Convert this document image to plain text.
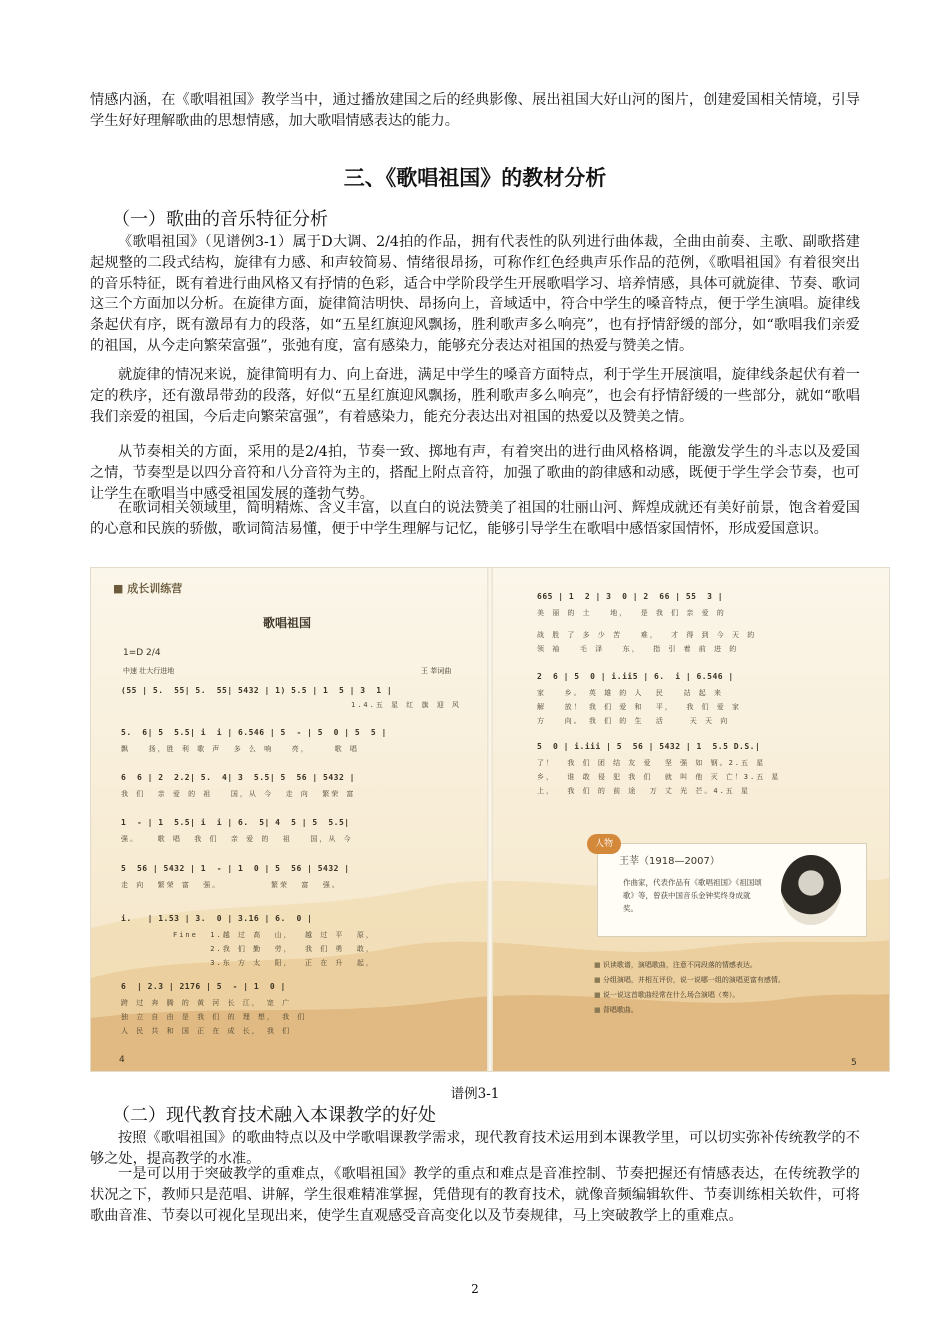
情感内涵，在《歌唱祖国》教学当中，通过播放建国之后的经典影像、展出祖国大好山河的图片，创建爱国相关情境，引导学生好好理解歌曲的思想情感，加大歌唱情感表达的能力。

三、《歌唱祖国》的教材分析
（一）歌曲的音乐特征分析

《歌唱祖国》（见谱例3-1）属于D大调、2/4拍的作品，拥有代表性的队列进行曲体裁，全曲由前奏、主歌、副歌搭建起规整的二段式结构，旋律有力感、和声较简易、情绪很昂扬，可称作红色经典声乐作品的范例，《歌唱祖国》有着很突出的音乐特征，既有着进行曲风格又有抒情的色彩，适合中学阶段学生开展歌唱学习、培养情感，具体可就旋律、节奏、歌词这三个方面加以分析。在旋律方面，旋律简洁明快、昂扬向上，音域适中，符合中学生的嗓音特点，便于学生演唱。旋律线条起伏有序，既有激昂有力的段落，如“五星红旗迎风飘扬，胜利歌声多么响亮”，也有抒情舒缓的部分，如“歌唱我们亲爱的祖国，从今走向繁荣富强”，张弛有度，富有感染力，能够充分表达对祖国的热爱与赞美之情。

就旋律的情况来说，旋律简明有力、向上奋进，满足中学生的嗓音方面特点，利于学生开展演唱，旋律线条起伏有着一定的秩序，还有激昂带劲的段落，好似“五星红旗迎风飘扬，胜利歌声多么响亮”，也会有抒情舒缓的一些部分，就如“歌唱我们亲爱的祖国，今后走向繁荣富强”，有着感染力，能充分表达出对祖国的热爱以及赞美之情。

从节奏相关的方面，采用的是2/4拍，节奏一致、掷地有声，有着突出的进行曲风格格调，能激发学生的斗志以及爱国之情，节奏型是以四分音符和八分音符为主的，搭配上附点音符，加强了歌曲的韵律感和动感，既便于学生学会节奏，也可让学生在歌唱当中感受祖国发展的蓬勃气势。

在歌词相关领域里，简明精炼、含义丰富，以直白的说法赞美了祖国的壮丽山河、辉煌成就还有美好前景，饱含着爱国的心意和民族的骄傲，歌词简洁易懂，便于中学生理解与记忆，能够引导学生在歌唱中感悟家国情怀，形成爱国意识。

■ 成长训练营
歌唱祖国
1=D 2/4
中速 壮大行进地	王 莘词曲
(55 | 5.  55| 5.  55| 5432 | 1) 5.5 | 1  5 | 3  1 |
1.4.五 星 红 旗 迎 风
5.  6| 5  5.5| i  i | 6.546 | 5  - | 5  0 | 5  5 |
飘   扬，胜 利 歌 声  多 么 响   亮，    歌 唱
6  6 | 2  2.2| 5.  4| 3  5.5| 5  56 | 5432 |
我 们  亲 爱 的 祖   国，从 今  走 向  繁荣 富
1  - | 1  5.5| i  i | 6.  5| 4  5 | 5  5.5|
强。   歌 唱  我 们  亲 爱 的  祖   国，从 今
5  56 | 5432 | 1  - | 1  0 | 5  56 | 5432 |
走 向  繁荣 富  强。        繁荣  富  强。
i.   | 1.53 | 3.  0 | 3.16 | 6.  0 |
Fine  1.越 过 高  山，  越 过 平  原，
2.我 们 勤  劳，  我 们 勇  敢，
3.东 方 太  阳，  正 在 升  起，
6  | 2.3 | 2176 | 5  - | 1  0 |
跨 过 奔 腾 的 黄 河 长 江， 宽 广
独 立 自 由 是 我 们 的 理 想， 我 们
人 民 共 和 国 正 在 成 长， 我 们
665 | 1  2 | 3  0 | 2  66 | 55  3 |
美 丽 的 土   地，  是 我 们 亲 爱 的
战 胜 了 多 少 苦   难，  才 得 到 今 天 的
领 袖   毛 泽   东，  指 引 着 前 进 的
2  6 | 5  0 | i.ii5 | 6.  i | 6.546 |
家   乡。 英 雄 的 人  民   站 起 来
解   放！ 我 们 爱 和  平，  我 们 爱 家
方   向。 我 们 的 生  活    天 天 向
5  0 | i.iii | 5  56 | 5432 | 1  5.5 D.S.|
了！  我 们 团 结 友 爱  坚 强 如 钢。2.五 星
乡，  谁 敢 侵 犯 我 们  就 叫 他 灭 亡！3.五 星
上，  我 们 的 前 途  万 丈 光 芒。4.五 星
人物
王莘（1918—2007）
作曲家，代表作品有《歌唱祖国》《祖国颂歌》等，曾获中国音乐金钟奖终身成就奖。
■ 识读歌谱，演唱歌曲，注意不同段落的情感表达。
■ 分组演唱，并相互评价，说一说哪一组的演唱更富有感情。
■ 说一说这首歌曲经常在什么场合演唱（奏）。
■ 背唱歌曲。
4	5
谱例3-1
（二）现代教育技术融入本课教学的好处

按照《歌唱祖国》的歌曲特点以及中学歌唱课教学需求，现代教育技术运用到本课教学里，可以切实弥补传统教学的不够之处，提高教学的水准。

一是可以用于突破教学的重难点，《歌唱祖国》教学的重点和难点是音准控制、节奏把握还有情感表达，在传统教学的状况之下，教师只是范唱、讲解，学生很难精准掌握，凭借现有的教育技术，就像音频编辑软件、节奏训练相关软件，可将歌曲音准、节奏以可视化呈现出来，使学生直观感受音高变化以及节奏规律，马上突破教学上的重难点。

2
